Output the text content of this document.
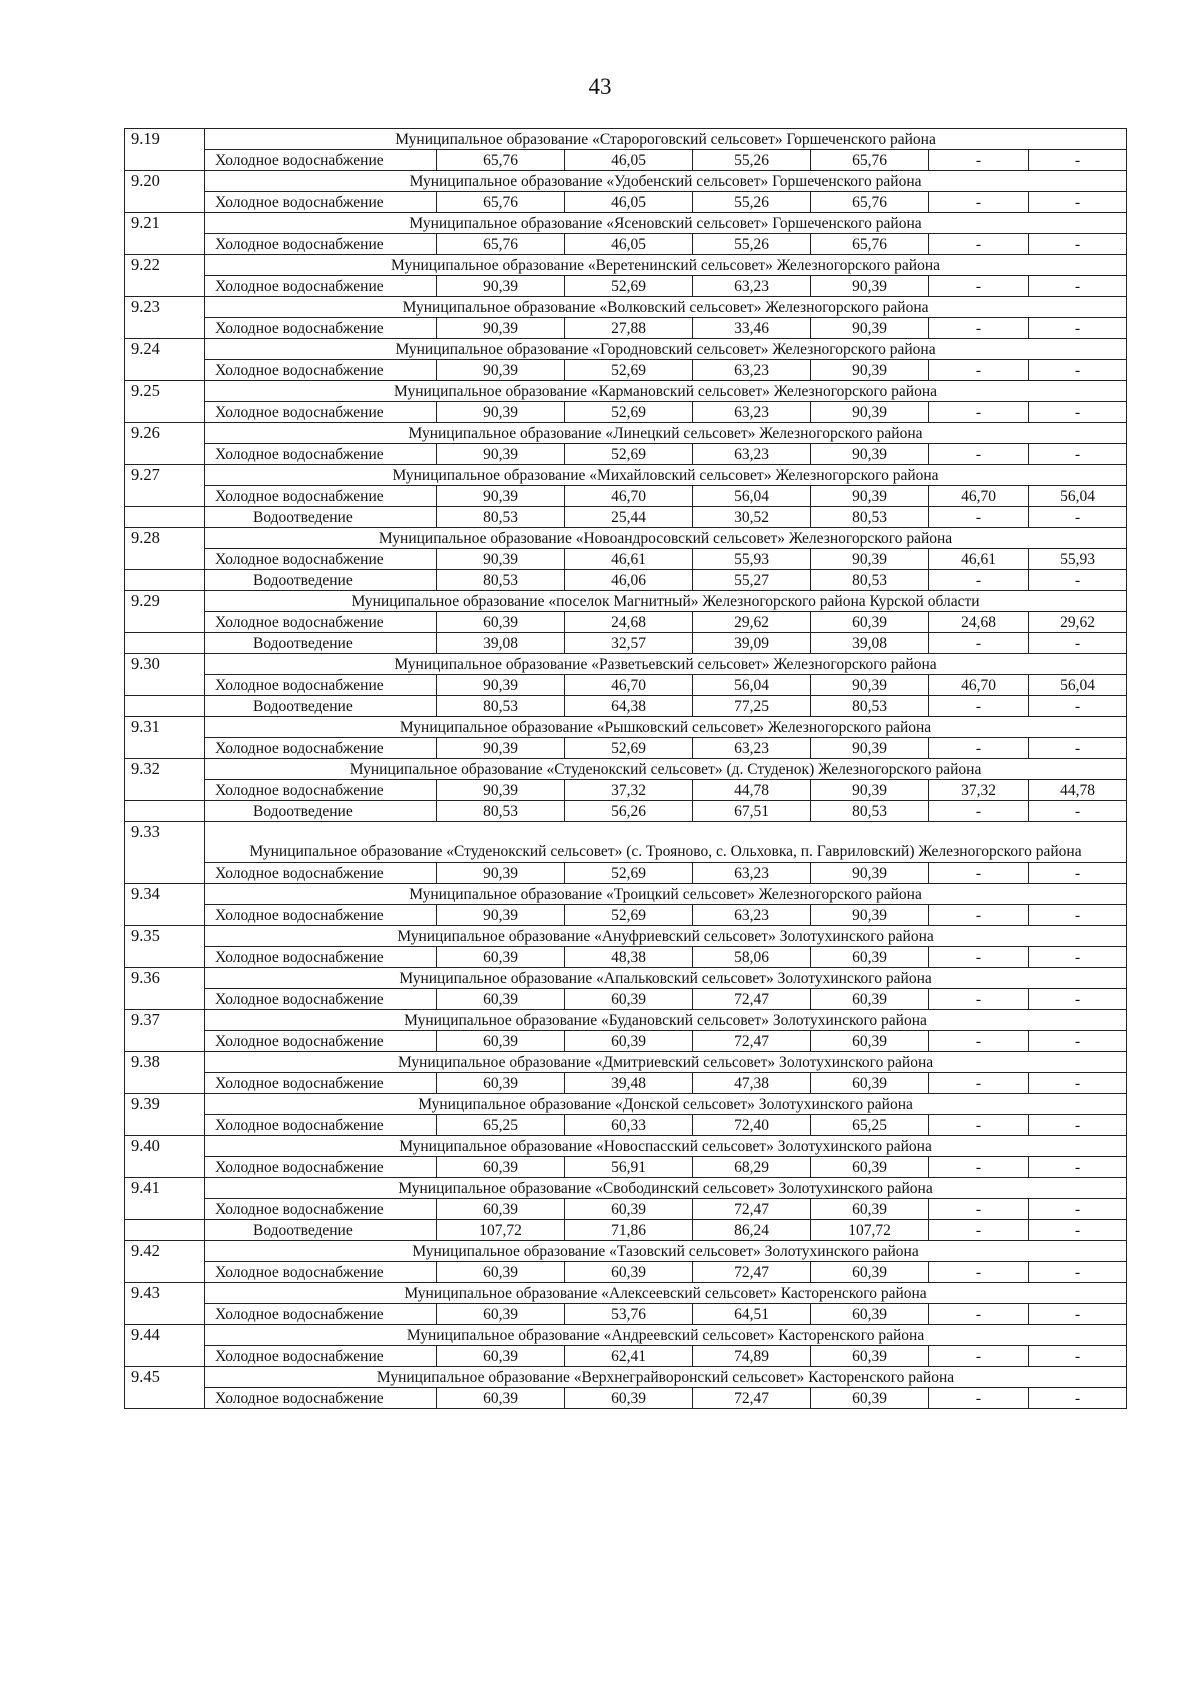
43
9.19	Муниципальное образование «Старороговский сельсовет» Горшеченского района						
	Холодное водоснабжение	65,76	46,05	55,26	65,76	-	-
9.20	Муниципальное образование «Удобенский сельсовет» Горшеченского района						
	Холодное водоснабжение	65,76	46,05	55,26	65,76	-	-
9.21	Муниципальное образование «Ясеновский сельсовет» Горшеченского района						
	Холодное водоснабжение	65,76	46,05	55,26	65,76	-	-
9.22	Муниципальное образование «Веретенинский сельсовет» Железногорского района						
	Холодное водоснабжение	90,39	52,69	63,23	90,39	-	-
9.23	Муниципальное образование «Волковский сельсовет» Железногорского района						
	Холодное водоснабжение	90,39	27,88	33,46	90,39	-	-
9.24	Муниципальное образование «Городновский сельсовет» Железногорского района						
	Холодное водоснабжение	90,39	52,69	63,23	90,39	-	-
9.25	Муниципальное образование «Кармановский сельсовет» Железногорского района						
	Холодное водоснабжение	90,39	52,69	63,23	90,39	-	-
9.26	Муниципальное образование «Линецкий сельсовет» Железногорского района						
	Холодное водоснабжение	90,39	52,69	63,23	90,39	-	-
9.27	Муниципальное образование «Михайловский сельсовет» Железногорского района						
	Холодное водоснабжение	90,39	46,70	56,04	90,39	46,70	56,04
	Водоотведение	80,53	25,44	30,52	80,53	-	-
9.28	Муниципальное образование «Новоандросовский сельсовет» Железногорского района						
	Холодное водоснабжение	90,39	46,61	55,93	90,39	46,61	55,93
	Водоотведение	80,53	46,06	55,27	80,53	-	-
9.29	Муниципальное образование «поселок Магнитный» Железногорского района Курской области						
	Холодное водоснабжение	60,39	24,68	29,62	60,39	24,68	29,62
	Водоотведение	39,08	32,57	39,09	39,08	-	-
9.30	Муниципальное образование «Разветьевский сельсовет» Железногорского района						
	Холодное водоснабжение	90,39	46,70	56,04	90,39	46,70	56,04
	Водоотведение	80,53	64,38	77,25	80,53	-	-
9.31	Муниципальное образование «Рышковский сельсовет» Железногорского района						
	Холодное водоснабжение	90,39	52,69	63,23	90,39	-	-
9.32	Муниципальное образование «Студенокский сельсовет» (д. Студенок) Железногорского района						
	Холодное водоснабжение	90,39	37,32	44,78	90,39	37,32	44,78
	Водоотведение	80,53	56,26	67,51	80,53	-	-
9.33	Муниципальное образование «Студенокский сельсовет» (с. Трояново, с. Ольховка, п. Гавриловский) Железногорского района						
	Холодное водоснабжение	90,39	52,69	63,23	90,39	-	-
9.34	Муниципальное образование «Троицкий сельсовет» Железногорского района						
	Холодное водоснабжение	90,39	52,69	63,23	90,39	-	-
9.35	Муниципальное образование «Ануфриевский сельсовет» Золотухинского района						
	Холодное водоснабжение	60,39	48,38	58,06	60,39	-	-
9.36	Муниципальное образование «Апальковский сельсовет» Золотухинского района						
	Холодное водоснабжение	60,39	60,39	72,47	60,39	-	-
9.37	Муниципальное образование «Будановский сельсовет» Золотухинского района						
	Холодное водоснабжение	60,39	60,39	72,47	60,39	-	-
9.38	Муниципальное образование «Дмитриевский сельсовет» Золотухинского района						
	Холодное водоснабжение	60,39	39,48	47,38	60,39	-	-
9.39	Муниципальное образование «Донской сельсовет» Золотухинского района						
	Холодное водоснабжение	65,25	60,33	72,40	65,25	-	-
9.40	Муниципальное образование «Новоспасский сельсовет» Золотухинского района						
	Холодное водоснабжение	60,39	56,91	68,29	60,39	-	-
9.41	Муниципальное образование «Свободинский сельсовет» Золотухинского района						
	Холодное водоснабжение	60,39	60,39	72,47	60,39	-	-
	Водоотведение	107,72	71,86	86,24	107,72	-	-
9.42	Муниципальное образование «Тазовский сельсовет» Золотухинского района						
	Холодное водоснабжение	60,39	60,39	72,47	60,39	-	-
9.43	Муниципальное образование «Алексеевский сельсовет» Касторенского района						
	Холодное водоснабжение	60,39	53,76	64,51	60,39	-	-
9.44	Муниципальное образование «Андреевский сельсовет» Касторенского района						
	Холодное водоснабжение	60,39	62,41	74,89	60,39	-	-
9.45	Муниципальное образование «Верхнеграйворонский сельсовет» Касторенского района						
	Холодное водоснабжение	60,39	60,39	72,47	60,39	-	-
